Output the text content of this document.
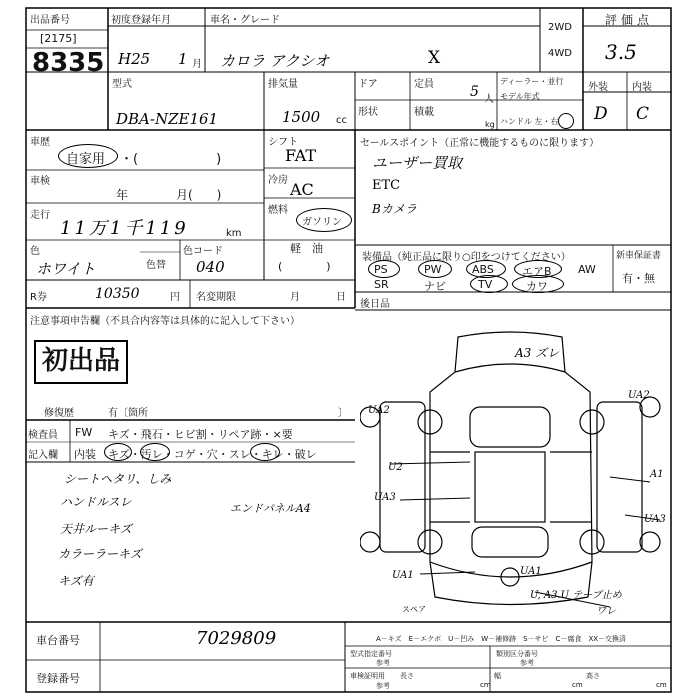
出品番号
[2175]
8335
初度登録年月
H25 1 月
車名・グレード
カロラ アクシオ	X
2WD
4WD
評価点
3.5
型式
DBA-NZE161
排気量
1500 cc
ドア	定員	5 人
形状	積載
kg
ディーラー・並行
モデル年式
ハンドル 左・右
外装 内装
D C
車歴
自家用 ・(　　　　　　)
車検
年	月(　　)
走行
11万1千119	km
色
ホワイト	色替
色コード
040
R券	10350	円 名変期限	月	日
シフト
FAT
冷房 AC
燃料
ガソリン
軽　油
(　　　　)
セールスポイント（正常に機能するものに限ります）
ユーザー買取
ETC
Bカメラ
装備品（純正品に限り○印をつけてください）	新車保証書
PS	PW	ABS	エアB AW
SR	ナビ	TV	カワ
有・無
後日品
注意事項申告欄（不具合内容等は具体的に記入して下さい）
初出品
修復歴	有〔箇所	〕
検査員
記入欄
FW キズ・飛石・ヒビ割・リペア跡・×要
内装 キズ・汚レ・コゲ・穴・スレ・キレ・破レ
シートヘタリ、しみ
ハンドルスレ	エンドパネルA4
天井ルーキズ
カラーラーキズ
キズ有
A3 ズレ
UA2
UA2
U2
UA3
A1
UA3
UA1	UA1
スペア
U, A3.U テープ止め
ワレ
A－キズ　E－エクボ　U－凹み　W－補修跡　S－サビ　C－腐食　XX－交換済
車台番号	7029809
登録番号
型式指定番号
参考
類別区分番号
参考
車検証明用
参考
長さ
cm
幅
cm
高さ
cm
